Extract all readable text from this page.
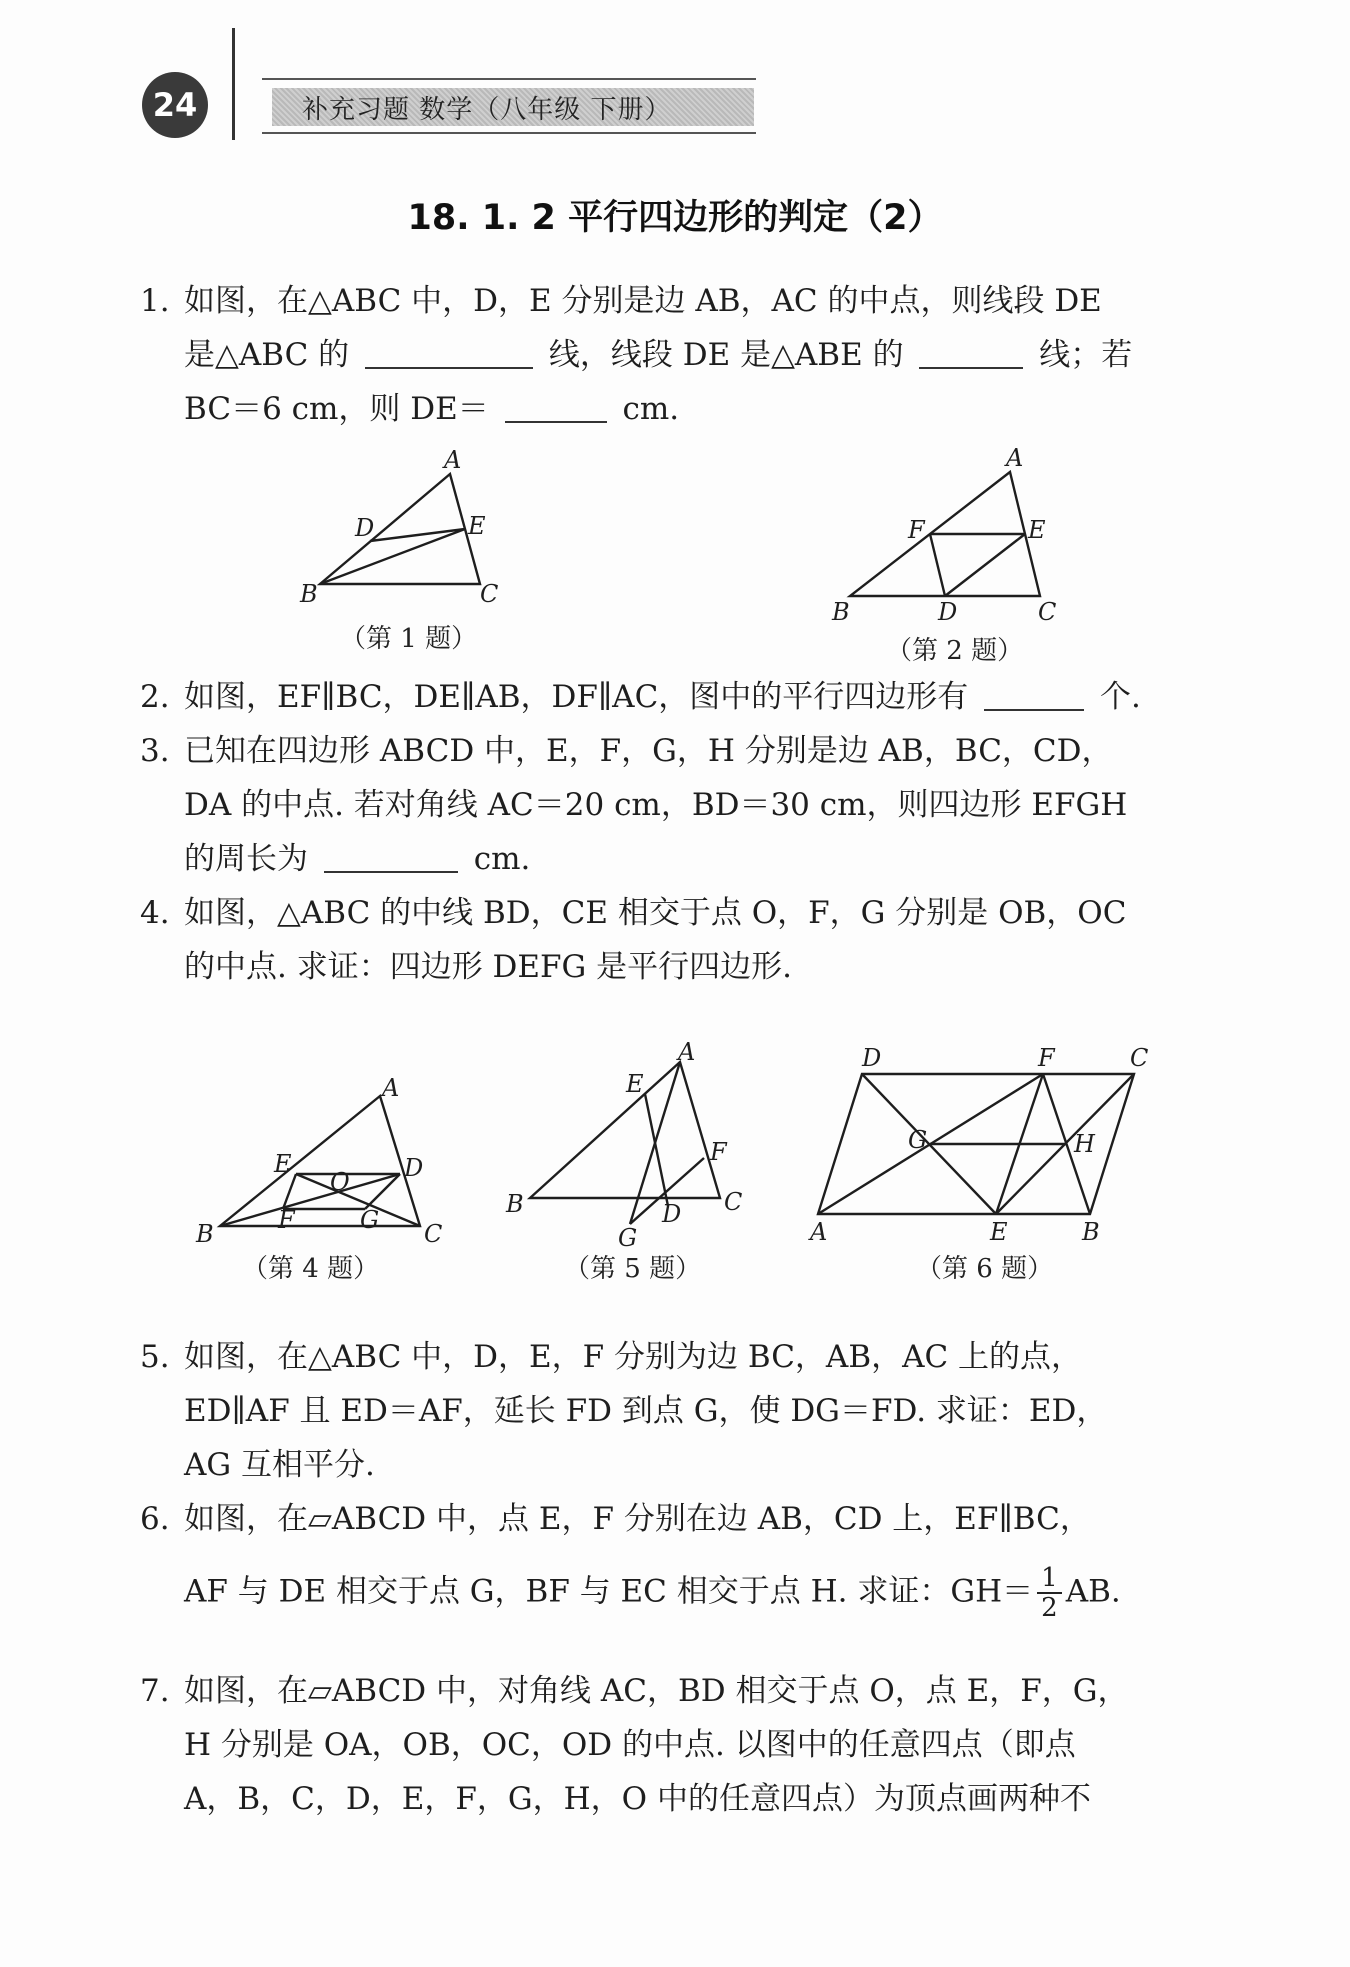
24	补充习题 数学（八年级 下册）
18. 1. 2 平行四边形的判定（2）
1. 如图，在△ABC 中，D，E 分别是边 AB，AC 的中点，则线段 DE
是△ABC 的	线，线段 DE 是△ABE 的	线；若
BC＝6 cm，则 DE＝	cm.
A
B	C
D	E
（第 1 题）
A
B	C
D
E
F
（第 2 题）
2. 如图，EF∥BC，DE∥AB，DF∥AC，图中的平行四边形有	个.
3. 已知在四边形 ABCD 中，E，F，G，H 分别是边 AB，BC，CD，
DA 的中点. 若对角线 AC＝20 cm，BD＝30 cm，则四边形 EFGH
的周长为	cm.
4. 如图，△ABC 的中线 BD，CE 相交于点 O，F，G 分别是 OB，OC
的中点. 求证：四边形 DEFG 是平行四边形.
A
B	C
D
E
F	G
O
（第 4 题）
A
B	C
D
E
F
G
（第 5 题）
D	F	C
A	E	B
G	H
（第 6 题）
5. 如图，在△ABC 中，D，E，F 分别为边 BC，AB，AC 上的点，
ED∥AF 且 ED＝AF，延长 FD 到点 G，使 DG＝FD. 求证：ED，
AG 互相平分.
6. 如图，在▱ABCD 中，点 E，F 分别在边 AB，CD 上，EF∥BC，
AF 与 DE 相交于点 G，BF 与 EC 相交于点 H. 求证：$GH= \frac{1}{2}$ AB.
7. 如图，在▱ABCD 中，对角线 AC，BD 相交于点 O，点 E，F，G，
H 分别是 OA，OB，OC，OD 的中点. 以图中的任意四点（即点
A，B，C，D，E，F，G，H，O 中的任意四点）为顶点画两种不
